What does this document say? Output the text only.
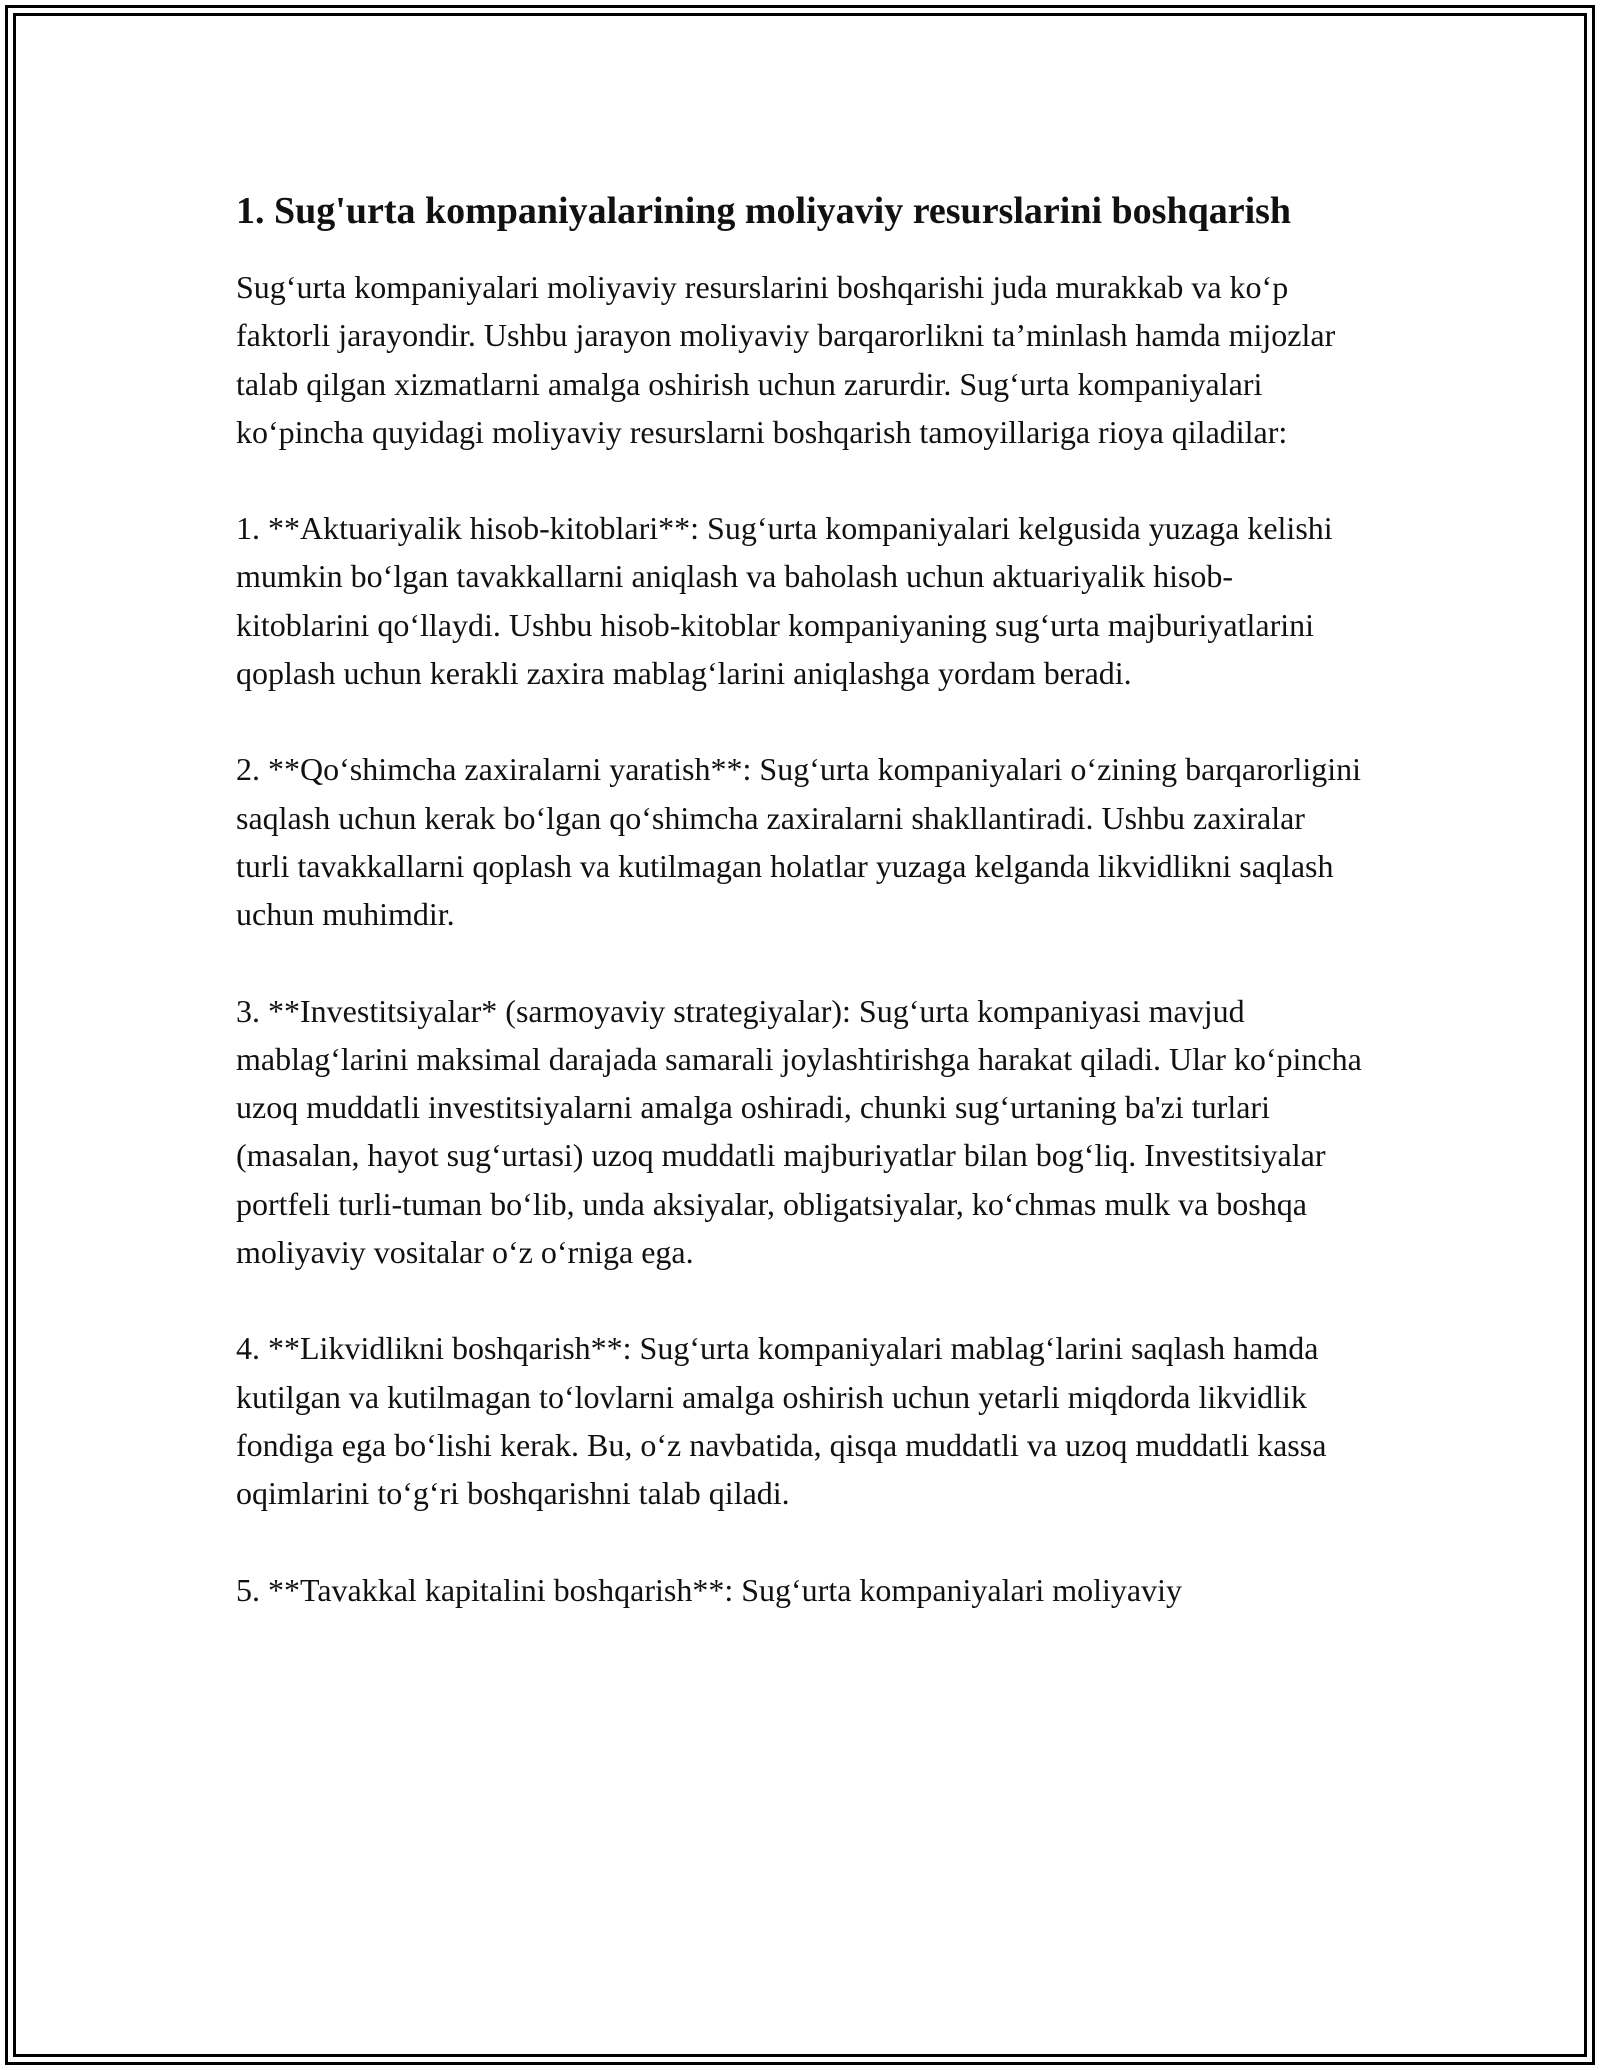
1. Sug'urta kompaniyalarining moliyaviy resurslarini boshqarish

Sug‘urta kompaniyalari moliyaviy resurslarini boshqarishi juda murakkab va ko‘p faktorli jarayondir. Ushbu jarayon moliyaviy barqarorlikni ta’minlash hamda mijozlar talab qilgan xizmatlarni amalga oshirish uchun zarurdir. Sug‘urta kompaniyalari ko‘pincha quyidagi moliyaviy resurslarni boshqarish tamoyillariga rioya qiladilar:

1. **Aktuariyalik hisob-kitoblari**: Sug‘urta kompaniyalari kelgusida yuzaga kelishi mumkin bo‘lgan tavakkallarni aniqlash va baholash uchun aktuariyalik hisob-kitoblarini qo‘llaydi. Ushbu hisob-kitoblar kompaniyaning sug‘urta majburiyatlarini qoplash uchun kerakli zaxira mablag‘larini aniqlashga yordam beradi.

2. **Qo‘shimcha zaxiralarni yaratish**: Sug‘urta kompaniyalari o‘zining barqarorligini saqlash uchun kerak bo‘lgan qo‘shimcha zaxiralarni shakllantiradi. Ushbu zaxiralar turli tavakkallarni qoplash va kutilmagan holatlar yuzaga kelganda likvidlikni saqlash uchun muhimdir.

3. **Investitsiyalar* (sarmoyaviy strategiyalar): Sug‘urta kompaniyasi mavjud mablag‘larini maksimal darajada samarali joylashtirishga harakat qiladi. Ular ko‘pincha uzoq muddatli investitsiyalarni amalga oshiradi, chunki sug‘urtaning ba'zi turlari (masalan, hayot sug‘urtasi) uzoq muddatli majburiyatlar bilan bog‘liq. Investitsiyalar portfeli turli-tuman bo‘lib, unda aksiyalar, obligatsiyalar, ko‘chmas mulk va boshqa moliyaviy vositalar o‘z o‘rniga ega.

4. **Likvidlikni boshqarish**: Sug‘urta kompaniyalari mablag‘larini saqlash hamda kutilgan va kutilmagan to‘lovlarni amalga oshirish uchun yetarli miqdorda likvidlik fondiga ega bo‘lishi kerak. Bu, o‘z navbatida, qisqa muddatli va uzoq muddatli kassa oqimlarini to‘g‘ri boshqarishni talab qiladi.

5. **Tavakkal kapitalini boshqarish**: Sug‘urta kompaniyalari moliyaviy
